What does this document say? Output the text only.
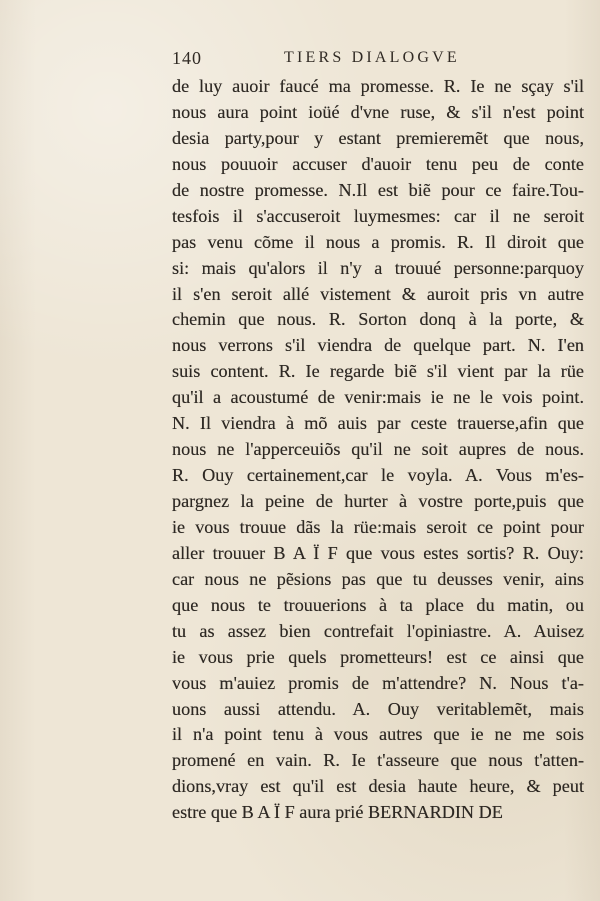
140	TIERS DIALOGVE
de luy auoir faucé ma promesse. R. Ie ne sçay s'il
nous aura point ioüé d'vne ruse, & s'il n'est point
desia party,pour y estant premieremẽt que nous,
nous pouuoir accuser d'auoir tenu peu de conte
de nostre promesse. N.Il est biẽ pour ce faire.Tou-
tesfois il s'accuseroit luymesmes: car il ne seroit
pas venu cõme il nous a promis. R. Il diroit que
si: mais qu'alors il n'y a trouué personne:parquoy
il s'en seroit allé vistement & auroit pris vn autre
chemin que nous. R. Sorton donq à la porte, &
nous verrons s'il viendra de quelque part. N. I'en
suis content. R. Ie regarde biẽ s'il vient par la rüe
qu'il a acoustumé de venir:mais ie ne le vois point.
N. Il viendra à mõ auis par ceste trauerse,afin que
nous ne l'apperceuiõs qu'il ne soit aupres de nous.
R. Ouy certainement,car le voyla. A. Vous m'es-
pargnez la peine de hurter à vostre porte,puis que
ie vous trouue dãs la rüe:mais seroit ce point pour
aller trouuer B A Ï F que vous estes sortis? R. Ouy:
car nous ne pẽsions pas que tu deusses venir, ains
que nous te trouuerions à ta place du matin, ou
tu as assez bien contrefait l'opiniastre. A. Auisez
ie vous prie quels prometteurs! est ce ainsi que
vous m'auiez promis de m'attendre? N. Nous t'a-
uons aussi attendu. A. Ouy veritablemẽt, mais
il n'a point tenu à vous autres que ie ne me sois
promené en vain. R. Ie t'asseure que nous t'atten-
dions,vray est qu'il est desia haute heure, & peut
estre que B A Ï F aura prié BERNARDIN DE
